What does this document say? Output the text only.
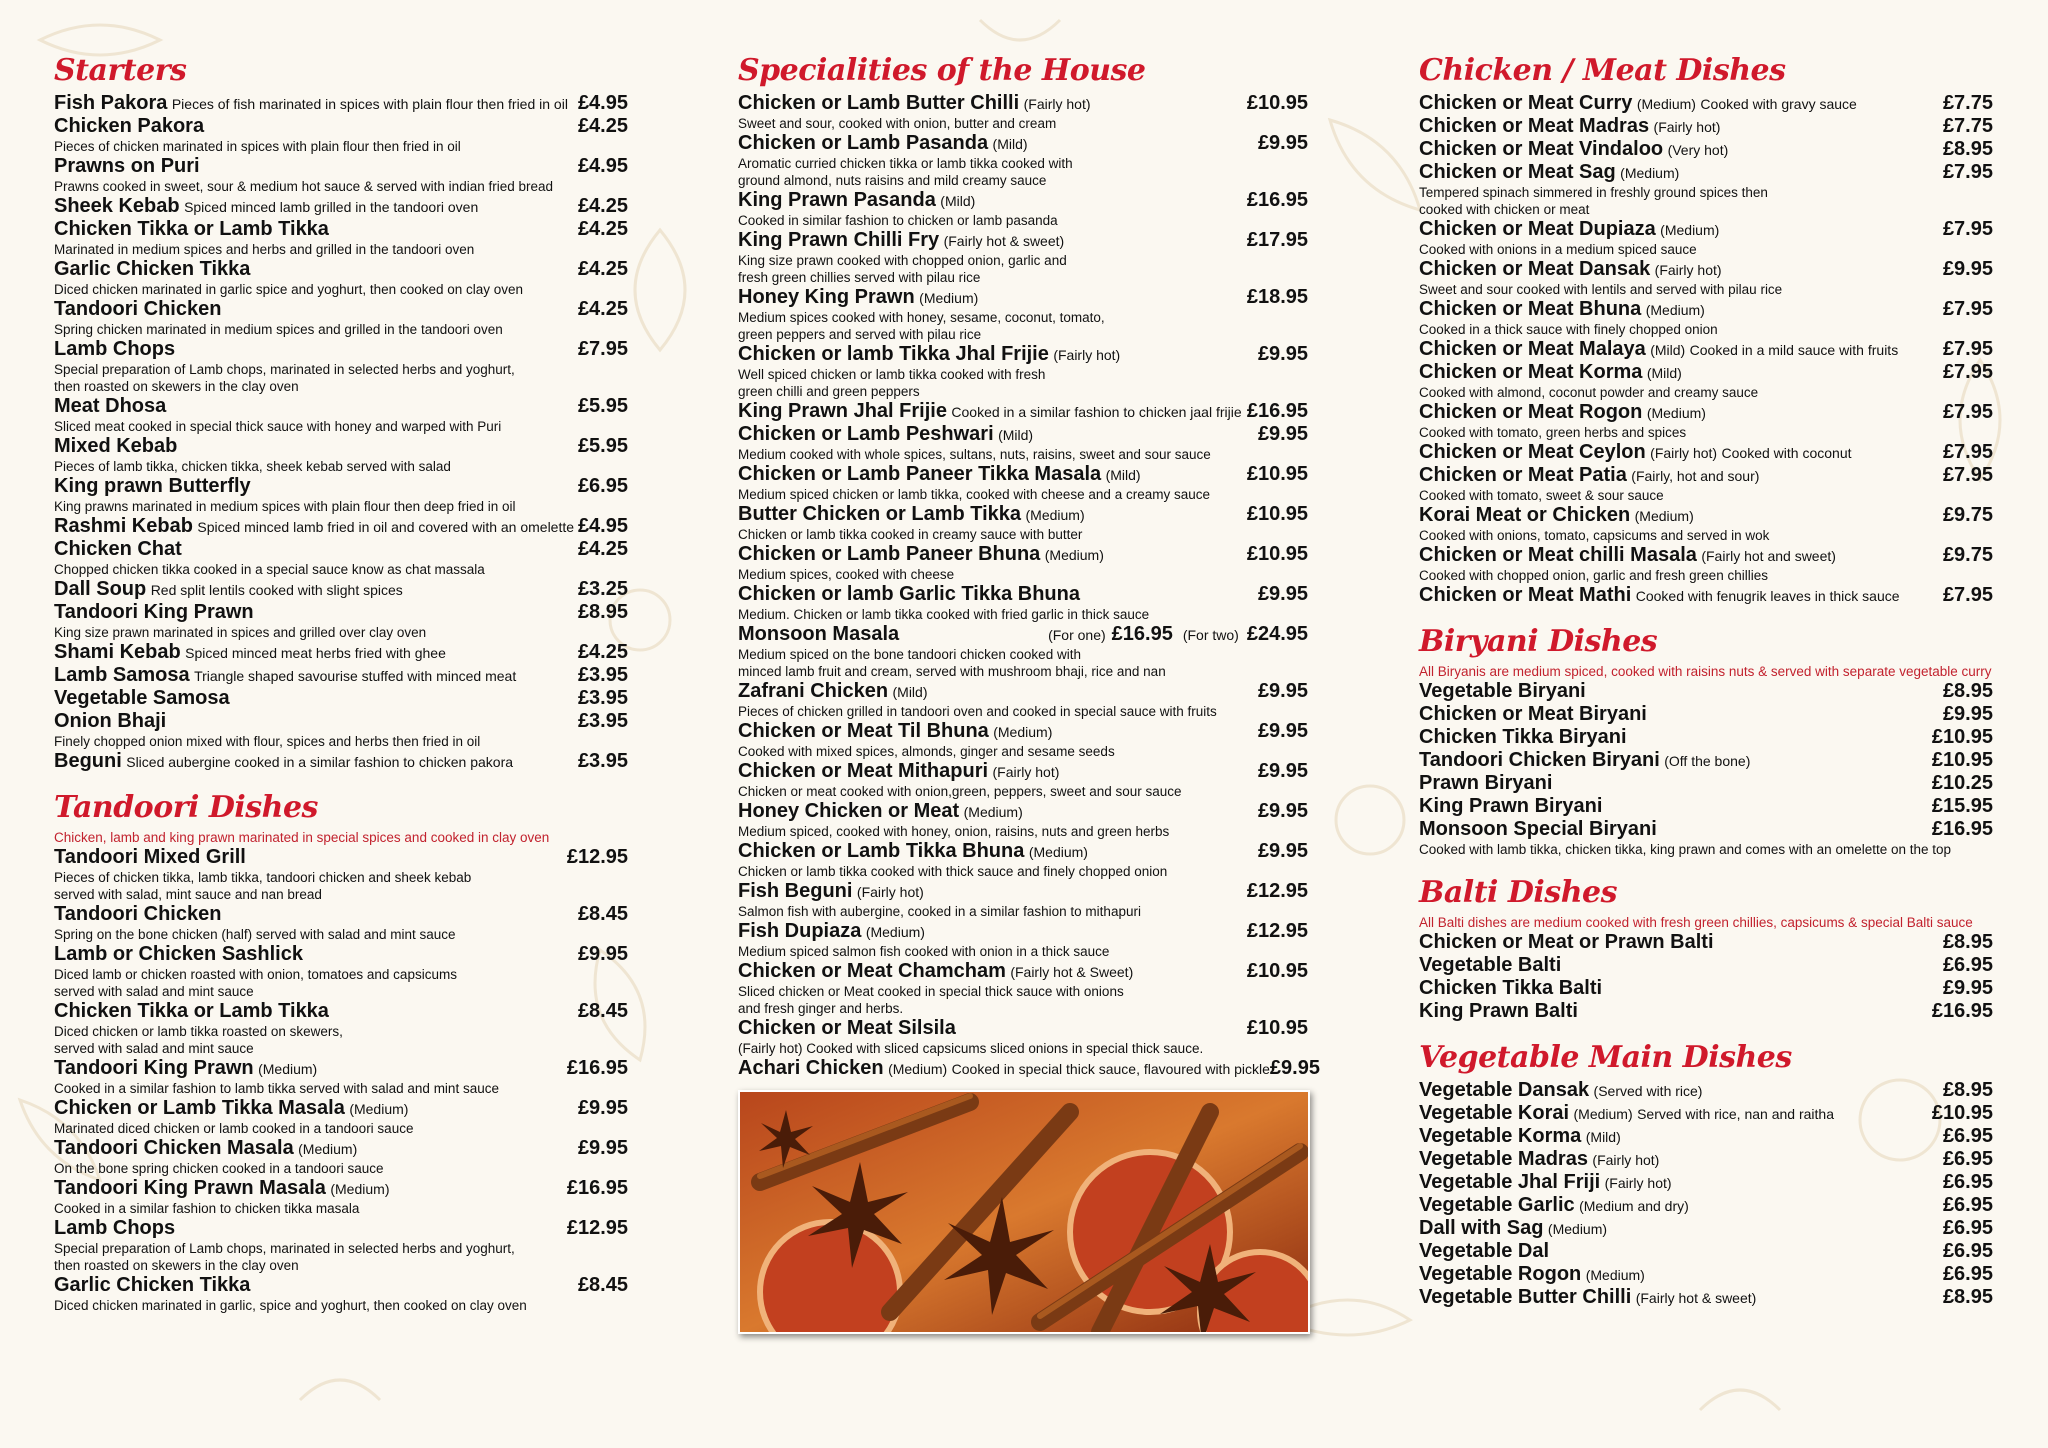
Starters
Fish Pakora Pieces of fish marinated in spices with plain flour then fried in oil £4.95
Chicken Pakora	£4.25
Pieces of chicken marinated in spices with plain flour then fried in oil
Prawns on Puri	£4.95
Prawns cooked in sweet, sour & medium hot sauce & served with indian fried bread
Sheek Kebab Spiced minced lamb grilled in the tandoori oven	£4.25
Chicken Tikka or Lamb Tikka	£4.25
Marinated in medium spices and herbs and grilled in the tandoori oven
Garlic Chicken Tikka	£4.25
Diced chicken marinated in garlic spice and yoghurt, then cooked on clay oven
Tandoori Chicken	£4.25
Spring chicken marinated in medium spices and grilled in the tandoori oven
Lamb Chops	£7.95
Special preparation of Lamb chops, marinated in selected herbs and yoghurt,
then roasted on skewers in the clay oven
Meat Dhosa	£5.95
Sliced meat cooked in special thick sauce with honey and warped with Puri
Mixed Kebab	£5.95
Pieces of lamb tikka, chicken tikka, sheek kebab served with salad
King prawn Butterfly	£6.95
King prawns marinated in medium spices with plain flour then deep fried in oil
Rashmi Kebab Spiced minced lamb fried in oil and covered with an omelette £4.95
Chicken Chat	£4.25
Chopped chicken tikka cooked in a special sauce know as chat massala
Dall Soup Red split lentils cooked with slight spices	£3.25
Tandoori King Prawn	£8.95
King size prawn marinated in spices and grilled over clay oven
Shami Kebab Spiced minced meat herbs fried with ghee	£4.25
Lamb Samosa Triangle shaped savourise stuffed with minced meat	£3.95
Vegetable Samosa	£3.95
Onion Bhaji	£3.95
Finely chopped onion mixed with flour, spices and herbs then fried in oil
Beguni Sliced aubergine cooked in a similar fashion to chicken pakora	£3.95
Tandoori Dishes
Chicken, lamb and king prawn marinated in special spices and cooked in clay oven
Tandoori Mixed Grill	£12.95
Pieces of chicken tikka, lamb tikka, tandoori chicken and sheek kebab
served with salad, mint sauce and nan bread
Tandoori Chicken	£8.45
Spring on the bone chicken (half) served with salad and mint sauce
Lamb or Chicken Sashlick	£9.95
Diced lamb or chicken roasted with onion, tomatoes and capsicums
served with salad and mint sauce
Chicken Tikka or Lamb Tikka	£8.45
Diced chicken or lamb tikka roasted on skewers,
served with salad and mint sauce
Tandoori King Prawn (Medium)	£16.95
Cooked in a similar fashion to lamb tikka served with salad and mint sauce
Chicken or Lamb Tikka Masala (Medium)	£9.95
Marinated diced chicken or lamb cooked in a tandoori sauce
Tandoori Chicken Masala (Medium)	£9.95
On the bone spring chicken cooked in a tandoori sauce
Tandoori King Prawn Masala (Medium)	£16.95
Cooked in a similar fashion to chicken tikka masala
Lamb Chops	£12.95
Special preparation of Lamb chops, marinated in selected herbs and yoghurt,
then roasted on skewers in the clay oven
Garlic Chicken Tikka	£8.45
Diced chicken marinated in garlic, spice and yoghurt, then cooked on clay oven
Specialities of the House
Chicken or Lamb Butter Chilli (Fairly hot)	£10.95
Sweet and sour, cooked with onion, butter and cream
Chicken or Lamb Pasanda (Mild)	£9.95
Aromatic curried chicken tikka or lamb tikka cooked with
ground almond, nuts raisins and mild creamy sauce
King Prawn Pasanda (Mild)	£16.95
Cooked in similar fashion to chicken or lamb pasanda
King Prawn Chilli Fry (Fairly hot & sweet)	£17.95
King size prawn cooked with chopped onion, garlic and
fresh green chillies served with pilau rice
Honey King Prawn (Medium)	£18.95
Medium spices cooked with honey, sesame, coconut, tomato,
green peppers and served with pilau rice
Chicken or lamb Tikka Jhal Frijie (Fairly hot)	£9.95
Well spiced chicken or lamb tikka cooked with fresh
green chilli and green peppers
King Prawn Jhal Frijie Cooked in a similar fashion to chicken jaal frijie £16.95
Chicken or Lamb Peshwari (Mild)	£9.95
Medium cooked with whole spices, sultans, nuts, raisins, sweet and sour sauce
Chicken or Lamb Paneer Tikka Masala (Mild)	£10.95
Medium spiced chicken or lamb tikka, cooked with cheese and a creamy sauce
Butter Chicken or Lamb Tikka (Medium)	£10.95
Chicken or lamb tikka cooked in creamy sauce with butter
Chicken or Lamb Paneer Bhuna (Medium)	£10.95
Medium spices, cooked with cheese
Chicken or lamb Garlic Tikka Bhuna	£9.95
Medium. Chicken or lamb tikka cooked with fried garlic in thick sauce
Monsoon Masala	(For one) £16.95 (For two) £24.95
Medium spiced on the bone tandoori chicken cooked with
minced lamb fruit and cream, served with mushroom bhaji, rice and nan
Zafrani Chicken (Mild)	£9.95
Pieces of chicken grilled in tandoori oven and cooked in special sauce with fruits
Chicken or Meat Til Bhuna (Medium)	£9.95
Cooked with mixed spices, almonds, ginger and sesame seeds
Chicken or Meat Mithapuri (Fairly hot)	£9.95
Chicken or meat cooked with onion,green, peppers, sweet and sour sauce
Honey Chicken or Meat (Medium)	£9.95
Medium spiced, cooked with honey, onion, raisins, nuts and green herbs
Chicken or Lamb Tikka Bhuna (Medium)	£9.95
Chicken or lamb tikka cooked with thick sauce and finely chopped onion
Fish Beguni (Fairly hot)	£12.95
Salmon fish with aubergine, cooked in a similar fashion to mithapuri
Fish Dupiaza (Medium)	£12.95
Medium spiced salmon fish cooked with onion in a thick sauce
Chicken or Meat Chamcham (Fairly hot & Sweet)	£10.95
Sliced chicken or Meat cooked in special thick sauce with onions
and fresh ginger and herbs.
Chicken or Meat Silsila	£10.95
(Fairly hot) Cooked with sliced capsicums sliced onions in special thick sauce.
Achari Chicken (Medium) Cooked in special thick sauce, flavoured with pickle £9.95
Chicken / Meat Dishes
Chicken or Meat Curry (Medium) Cooked with gravy sauce	£7.75
Chicken or Meat Madras (Fairly hot)	£7.75
Chicken or Meat Vindaloo (Very hot)	£8.95
Chicken or Meat Sag (Medium)	£7.95
Tempered spinach simmered in freshly ground spices then
cooked with chicken or meat
Chicken or Meat Dupiaza (Medium)	£7.95
Cooked with onions in a medium spiced sauce
Chicken or Meat Dansak (Fairly hot)	£9.95
Sweet and sour cooked with lentils and served with pilau rice
Chicken or Meat Bhuna (Medium)	£7.95
Cooked in a thick sauce with finely chopped onion
Chicken or Meat Malaya (Mild) Cooked in a mild sauce with fruits £7.95
Chicken or Meat Korma (Mild)	£7.95
Cooked with almond, coconut powder and creamy sauce
Chicken or Meat Rogon (Medium)	£7.95
Cooked with tomato, green herbs and spices
Chicken or Meat Ceylon (Fairly hot) Cooked with coconut	£7.95
Chicken or Meat Patia (Fairly, hot and sour)	£7.95
Cooked with tomato, sweet & sour sauce
Korai Meat or Chicken (Medium)	£9.75
Cooked with onions, tomato, capsicums and served in wok
Chicken or Meat chilli Masala (Fairly hot and sweet)	£9.75
Cooked with chopped onion, garlic and fresh green chillies
Chicken or Meat Mathi Cooked with fenugrik leaves in thick sauce £7.95
Biryani Dishes
All Biryanis are medium spiced, cooked with raisins nuts & served with separate vegetable curry
Vegetable Biryani	£8.95
Chicken or Meat Biryani	£9.95
Chicken Tikka Biryani	£10.95
Tandoori Chicken Biryani (Off the bone)	£10.95
Prawn Biryani	£10.25
King Prawn Biryani	£15.95
Monsoon Special Biryani	£16.95
Cooked with lamb tikka, chicken tikka, king prawn and comes with an omelette on the top
Balti Dishes
All Balti dishes are medium cooked with fresh green chillies, capsicums & special Balti sauce
Chicken or Meat or Prawn Balti	£8.95
Vegetable Balti	£6.95
Chicken Tikka Balti	£9.95
King Prawn Balti	£16.95
Vegetable Main Dishes
Vegetable Dansak (Served with rice)	£8.95
Vegetable Korai (Medium) Served with rice, nan and raitha	£10.95
Vegetable Korma (Mild)	£6.95
Vegetable Madras (Fairly hot)	£6.95
Vegetable Jhal Friji (Fairly hot)	£6.95
Vegetable Garlic (Medium and dry)	£6.95
Dall with Sag (Medium)	£6.95
Vegetable Dal	£6.95
Vegetable Rogon (Medium)	£6.95
Vegetable Butter Chilli (Fairly hot & sweet)	£8.95
